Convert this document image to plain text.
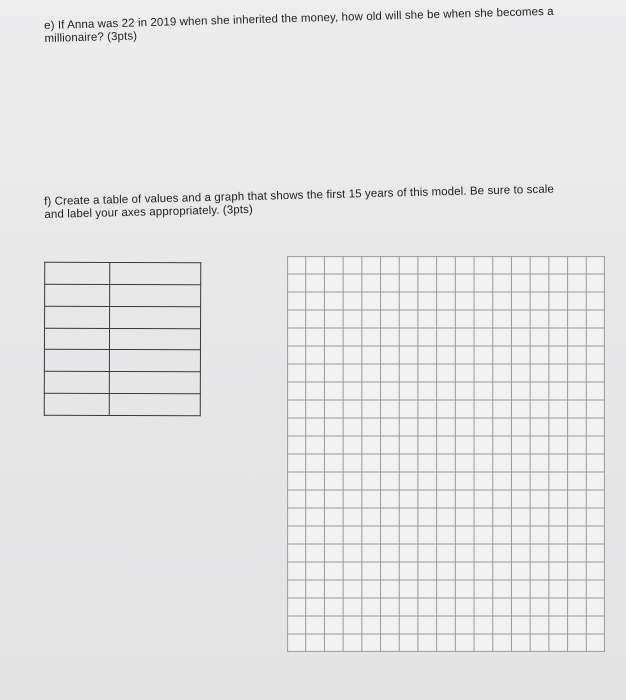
e) If Anna was 22 in 2019 when she inherited the money, how old will she be when she becomes a
millionaire? (3pts)
f) Create a table of values and a graph that shows the first 15 years of this model. Be sure to scale
and label your axes appropriately. (3pts)
